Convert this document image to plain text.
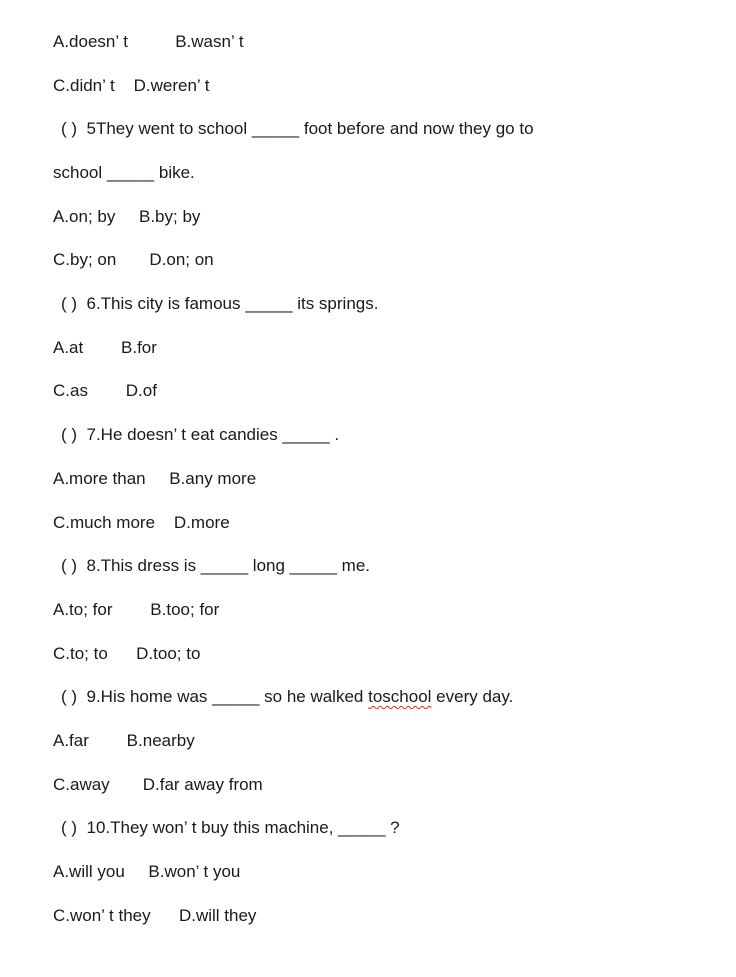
A.doesn’ t          B.wasn’ t
C.didn’ t    D.weren’ t
( )  5They went to school _____ foot before and now they go to
school _____ bike.
A.on; by     B.by; by
C.by; on       D.on; on
( )  6.This city is famous _____ its springs.
A.at        B.for
C.as        D.of
( )  7.He doesn’ t eat candies _____ .
A.more than     B.any more
C.much more    D.more
( )  8.This dress is _____ long _____ me.
A.to; for        B.too; for
C.to; to      D.too; to
( )  9.His home was _____ so he walked toschool every day.
A.far        B.nearby
C.away       D.far away from
( )  10.They won’ t buy this machine, _____ ?
A.will you     B.won’ t you
C.won’ t they      D.will they
